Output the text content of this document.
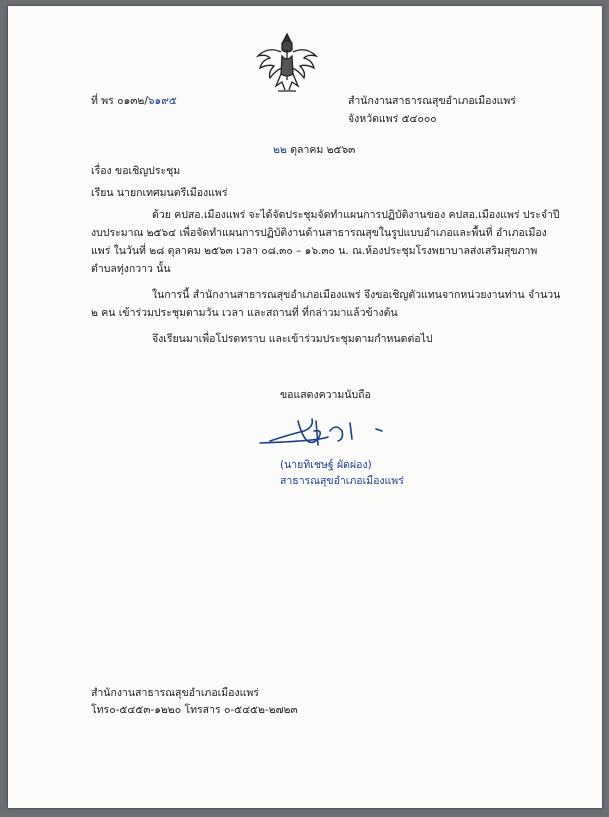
ที่ พร ๐๑๓๒/๖๑๙๕	สำนักงานสาธารณสุขอำเภอเมืองแพร่
จังหวัดแพร่ ๕๔๐๐๐
๒๒ ตุลาคม ๒๕๖๓
เรื่อง ขอเชิญประชุม
เรียน นายกเทศมนตรีเมืองแพร่
ด้วย คปสอ.เมืองแพร่ จะได้จัดประชุมจัดทำแผนการปฏิบัติงานของ คปสอ.เมืองแพร่ ประจำปี
งบประมาณ ๒๕๖๔ เพื่อจัดทำแผนการปฏิบัติงานด้านสาธารณสุขในรูปแบบอำเภอและพื้นที่ อำเภอเมือง
แพร่ ในวันที่ ๒๘ ตุลาคม ๒๕๖๓ เวลา ๐๘.๓๐ – ๑๖.๓๐ น. ณ.ห้องประชุมโรงพยาบาลส่งเสริมสุขภาพ
ตำบลทุ่งกวาว นั้น
ในการนี้ สำนักงานสาธารณสุขอำเภอเมืองแพร่ จึงขอเชิญตัวแทนจากหน่วยงานท่าน จำนวน
๒ คน เข้าร่วมประชุมตามวัน เวลา และสถานที่ ที่กล่าวมาแล้วข้างต้น
จึงเรียนมาเพื่อโปรดทราบ และเข้าร่วมประชุมตามกำหนดต่อไป
ขอแสดงความนับถือ
(นายทิเชษฐ์ ผัดผ่อง)
สาธารณสุขอำเภอเมืองแพร่
สำนักงานสาธารณสุขอำเภอเมืองแพร่
โทร๐-๕๔๕๓-๑๒๒๐ โทรสาร ๐-๕๔๕๒-๒๗๒๓
